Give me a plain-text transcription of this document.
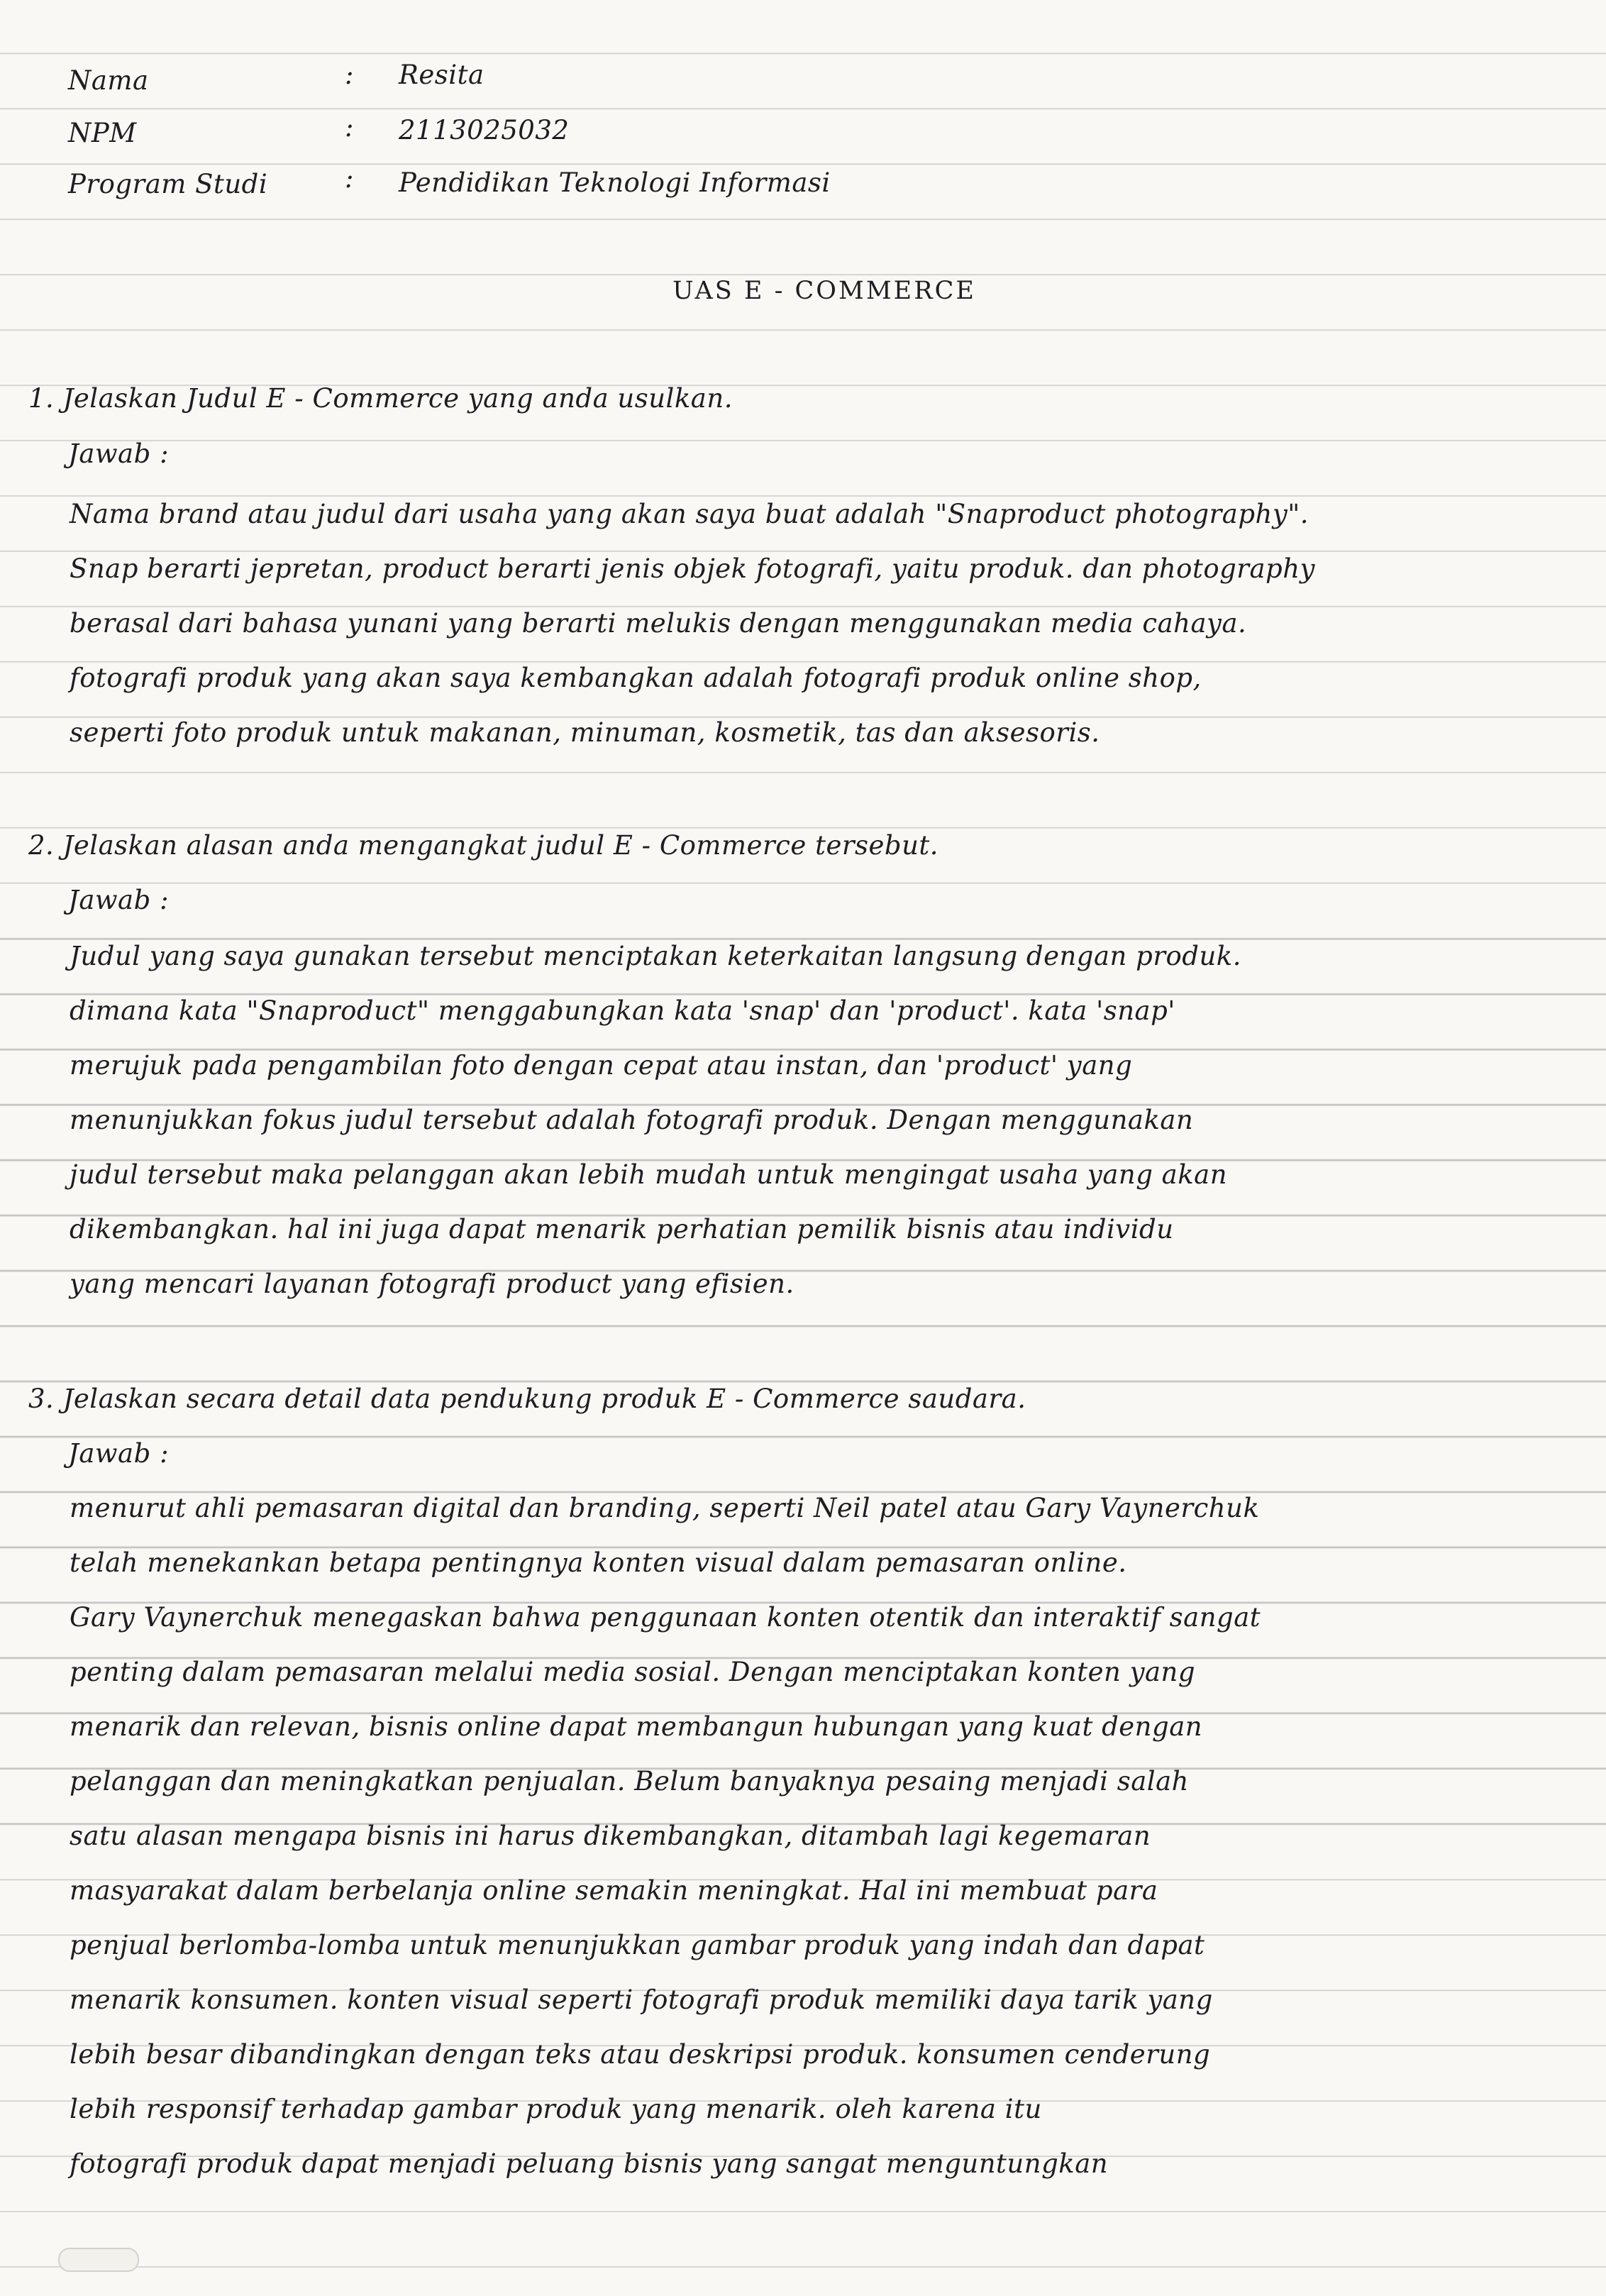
Nama	: Resita
NPM	: 2113025032
Program Studi	: Pendidikan Teknologi Informasi
UAS E - COMMERCE
1. Jelaskan Judul E - Commerce yang anda usulkan.
Jawab :
Nama brand atau judul dari usaha yang akan saya buat adalah "Snaproduct photography".
Snap berarti jepretan, product berarti jenis objek fotografi, yaitu produk. dan photography
berasal dari bahasa yunani yang berarti melukis dengan menggunakan media cahaya.
fotografi produk yang akan saya kembangkan adalah fotografi produk online shop,
seperti foto produk untuk makanan, minuman, kosmetik, tas dan aksesoris.
2. Jelaskan alasan anda mengangkat judul E - Commerce tersebut.
Jawab :
Judul yang saya gunakan tersebut menciptakan keterkaitan langsung dengan produk.
dimana kata "Snaproduct" menggabungkan kata 'snap' dan 'product'. kata 'snap'
merujuk pada pengambilan foto dengan cepat atau instan, dan 'product' yang
menunjukkan fokus judul tersebut adalah fotografi produk. Dengan menggunakan
judul tersebut maka pelanggan akan lebih mudah untuk mengingat usaha yang akan
dikembangkan. hal ini juga dapat menarik perhatian pemilik bisnis atau individu
yang mencari layanan fotografi product yang efisien.
3. Jelaskan secara detail data pendukung produk E - Commerce saudara.
Jawab :
menurut ahli pemasaran digital dan branding, seperti Neil patel atau Gary Vaynerchuk
telah menekankan betapa pentingnya konten visual dalam pemasaran online.
Gary Vaynerchuk menegaskan bahwa penggunaan konten otentik dan interaktif sangat
penting dalam pemasaran melalui media sosial. Dengan menciptakan konten yang
menarik dan relevan, bisnis online dapat membangun hubungan yang kuat dengan
pelanggan dan meningkatkan penjualan. Belum banyaknya pesaing menjadi salah
satu alasan mengapa bisnis ini harus dikembangkan, ditambah lagi kegemaran
masyarakat dalam berbelanja online semakin meningkat. Hal ini membuat para
penjual berlomba-lomba untuk menunjukkan gambar produk yang indah dan dapat
menarik konsumen. konten visual seperti fotografi produk memiliki daya tarik yang
lebih besar dibandingkan dengan teks atau deskripsi produk. konsumen cenderung
lebih responsif terhadap gambar produk yang menarik. oleh karena itu
fotografi produk dapat menjadi peluang bisnis yang sangat menguntungkan
